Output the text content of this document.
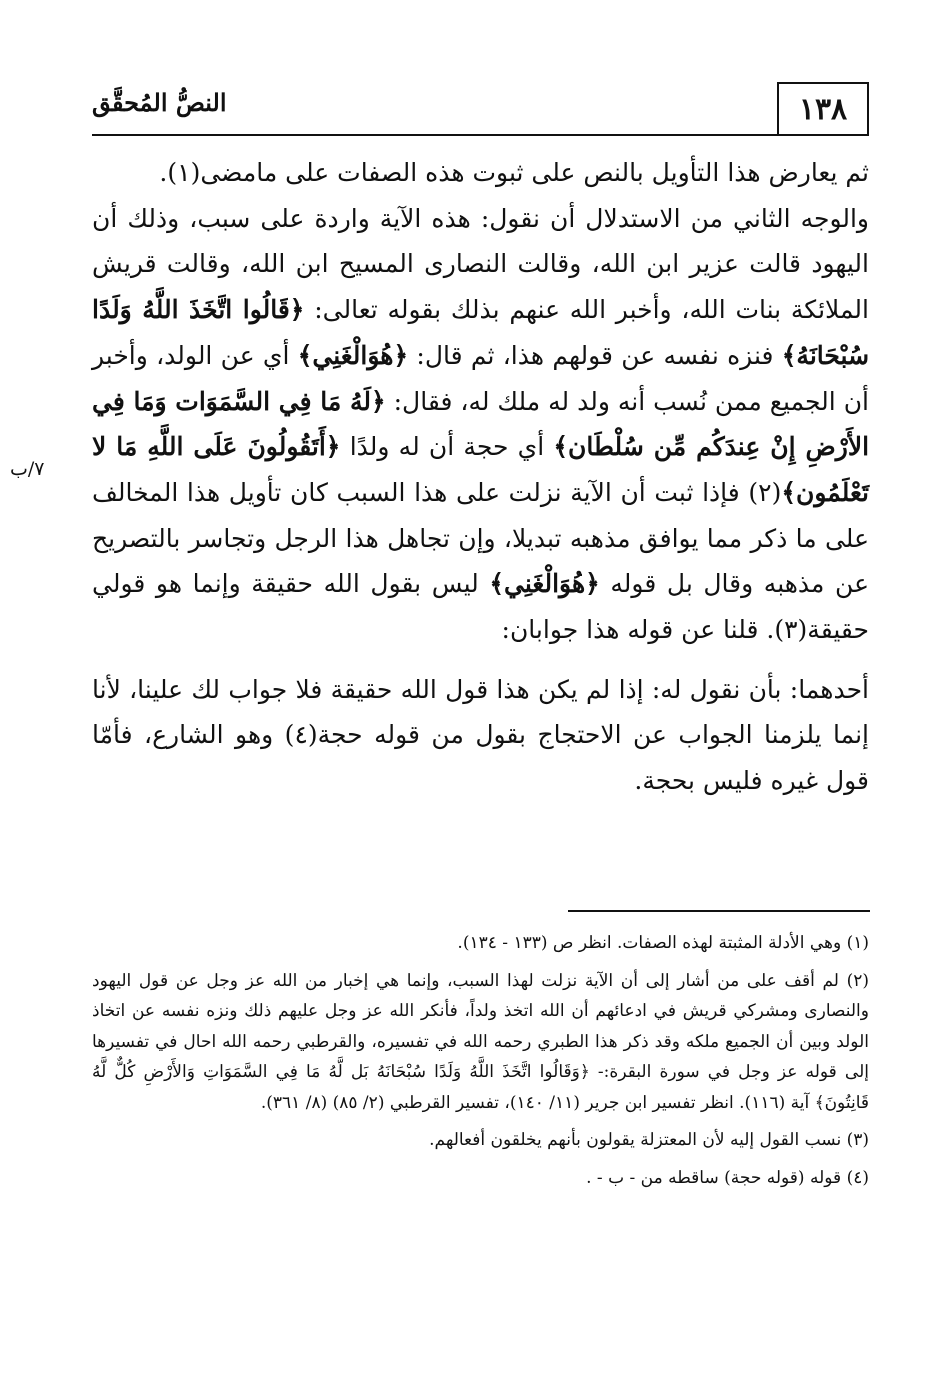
١٣٨
النصُّ المُحقَّق
٧/ب

ثم يعارض هذا التأويل بالنص على ثبوت هذه الصفات على مامضى(١).

والوجه الثاني من الاستدلال أن نقول: هذه الآية واردة على سبب، وذلك أن اليهود قالت عزير ابن الله، وقالت النصارى المسيح ابن الله، وقالت قريش الملائكة بنات الله، وأخبر الله عنهم بذلك بقوله تعالى: ﴿قَالُوا اتَّخَذَ اللَّهُ وَلَدًا سُبْحَانَهُ﴾ فنزه نفسه عن قولهم هذا، ثم قال: ﴿هُوَالْغَنِي﴾ أي عن الولد، وأخبر أن الجميع ممن نُسب أنه ولد له ملك له، فقال: ﴿لَهُ مَا فِي السَّمَوَات وَمَا فِي الأَرْضِ إِنْ عِندَكُم مِّن سُلْطَان﴾ أي حجة أن له ولدًا ﴿أَتَقُولُونَ عَلَى اللَّهِ مَا لا تَعْلَمُون﴾(٢) فإذا ثبت أن الآية نزلت على هذا السبب كان تأويل هذا المخالف على ما ذكر مما يوافق مذهبه تبديلا، وإن تجاهل هذا الرجل وتجاسر بالتصريح عن مذهبه وقال بل قوله ﴿هُوَالْغَنِي﴾ ليس بقول الله حقيقة وإنما هو قولي حقيقة(٣). قلنا عن قوله هذا جوابان:

أحدهما: بأن نقول له: إذا لم يكن هذا قول الله حقيقة فلا جواب لك علينا، لأنا إنما يلزمنا الجواب عن الاحتجاج بقول من قوله حجة(٤) وهو الشارع، فأمّا قول غيره فليس بحجة.

(١) وهي الأدلة المثبتة لهذه الصفات. انظر ص (١٣٣ - ١٣٤).

(٢) لم أقف على من أشار إلى أن الآية نزلت لهذا السبب، وإنما هي إخبار من الله عز وجل عن قول اليهود والنصارى ومشركي قريش في ادعائهم أن الله اتخذ ولداً، فأنكر الله عز وجل عليهم ذلك ونزه نفسه عن اتخاذ الولد وبين أن الجميع ملكه وقد ذكر هذا الطبري رحمه الله في تفسيره، والقرطبي رحمه الله احال في تفسيرها إلى قوله عز وجل في سورة البقرة:- ﴿وَقَالُوا اتَّخَذَ اللَّهُ وَلَدًا سُبْحَانَهُ بَل لَّهُ مَا فِي السَّمَوَاتِ وَالأَرْضِ كُلٌّ لَّهُ قَانِتُونَ﴾ آية (١١٦). انظر تفسير ابن جرير (١١/ ١٤٠)، تفسير القرطبي (٢/ ٨٥) (٨/ ٣٦١).

(٣) نسب القول إليه لأن المعتزلة يقولون بأنهم يخلقون أفعالهم.

(٤) قوله (قوله حجة) ساقطه من - ب - .
